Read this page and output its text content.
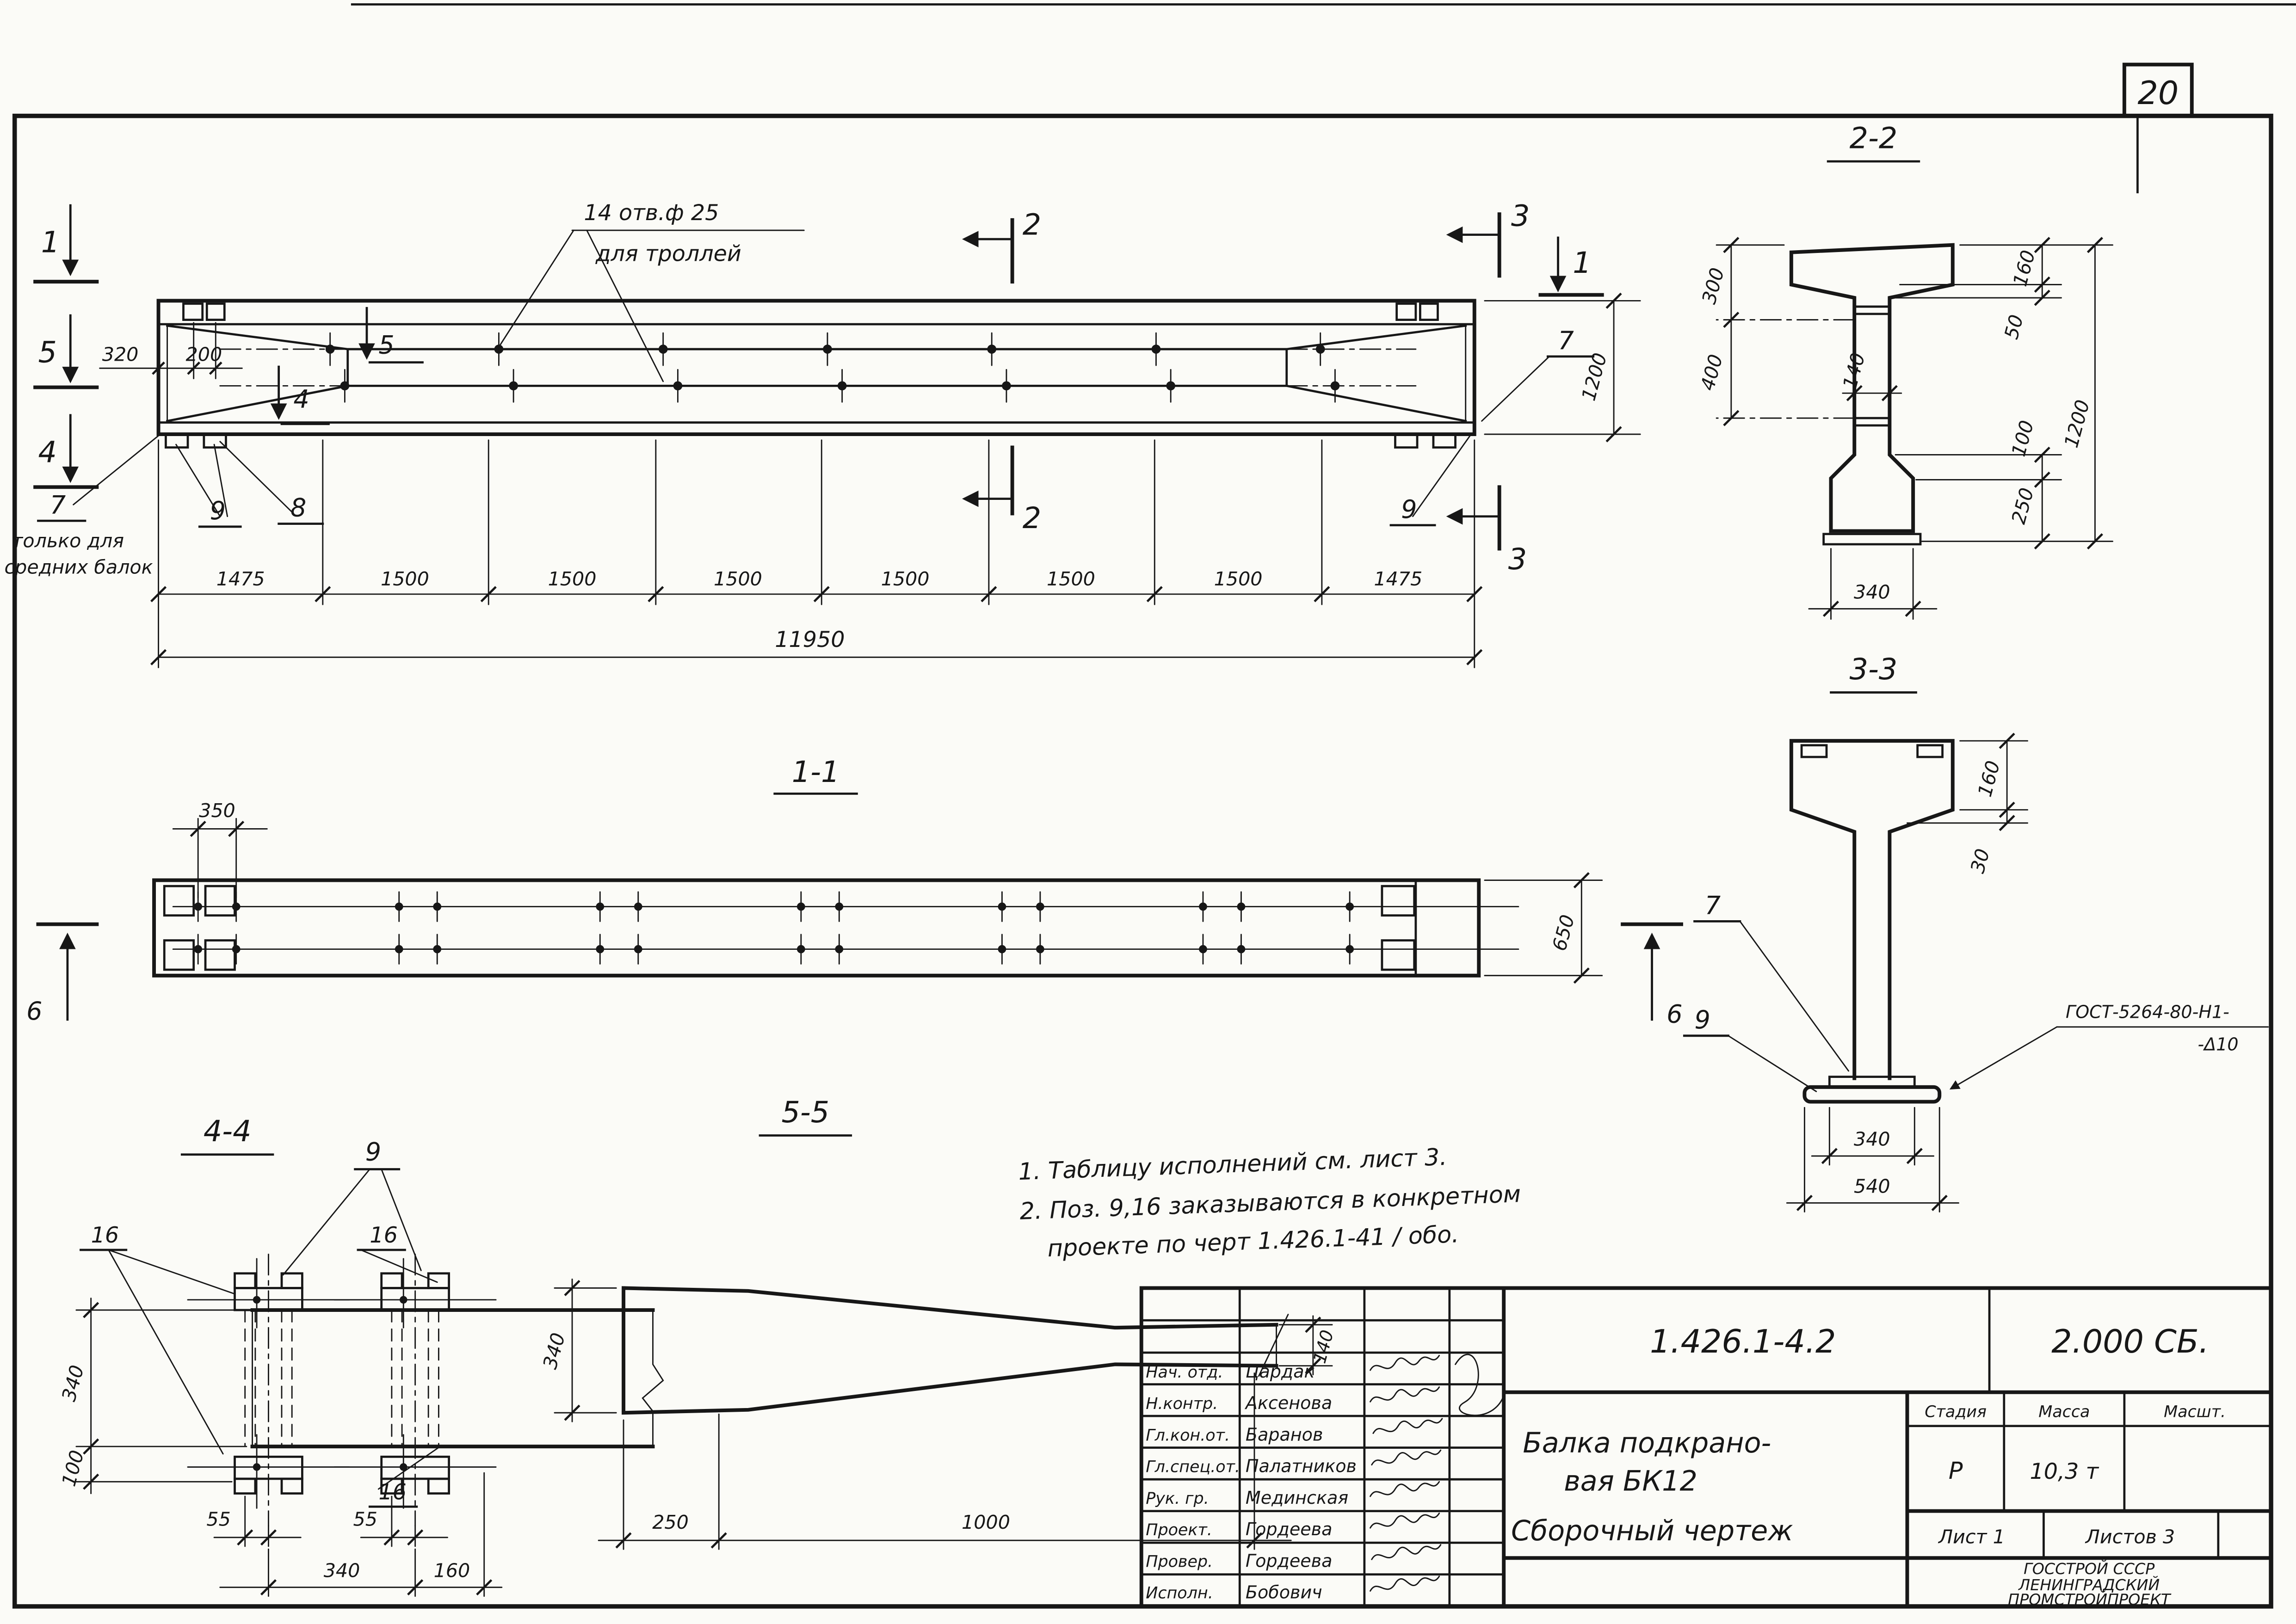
20
14 отв.ф 25
для троллей
1
5
4
5
4
2
2
3
3
1
7
9
7
только для
средних балок
9	8
320	200	1200
1475	1500	1500	1500	1500	1500	1500	1475
11950
1-1
350
650
6	6
2-2
300
400
160
50
100
250
1200
140
340
3-3
160
30
7
9	ГОСТ-5264-80-Н1-
-Δ10
340
540
4-4
9
16	16
16
340
100
55	55
340	160
5-5
340	140
250	1000
1. Таблицу исполнений см. лист 3.
2. Поз. 9,16 заказываются в конкретном
проекте по черт 1.426.1-41 / обо.
1.426.1-4.2	2.000 СБ.
Балка подкрано-
вая БК12
Сборочный чертеж
Стадия	Масса	Масшт.
Р	10,3 т
Лист 1	Листов 3
ГОССТРОЙ СССР
ЛЕНИНГРАДСКИЙ
ПРОМСТРОЙПРОЕКТ
Нач. отд.	Цардак
Н.контр.	Аксенова
Гл.кон.от.	Баранов
Гл.спец.от. Палатников
Рук. гр.	Мединская
Проект.	Гордеева
Провер.	Гордеева
Исполн.	Бобович
